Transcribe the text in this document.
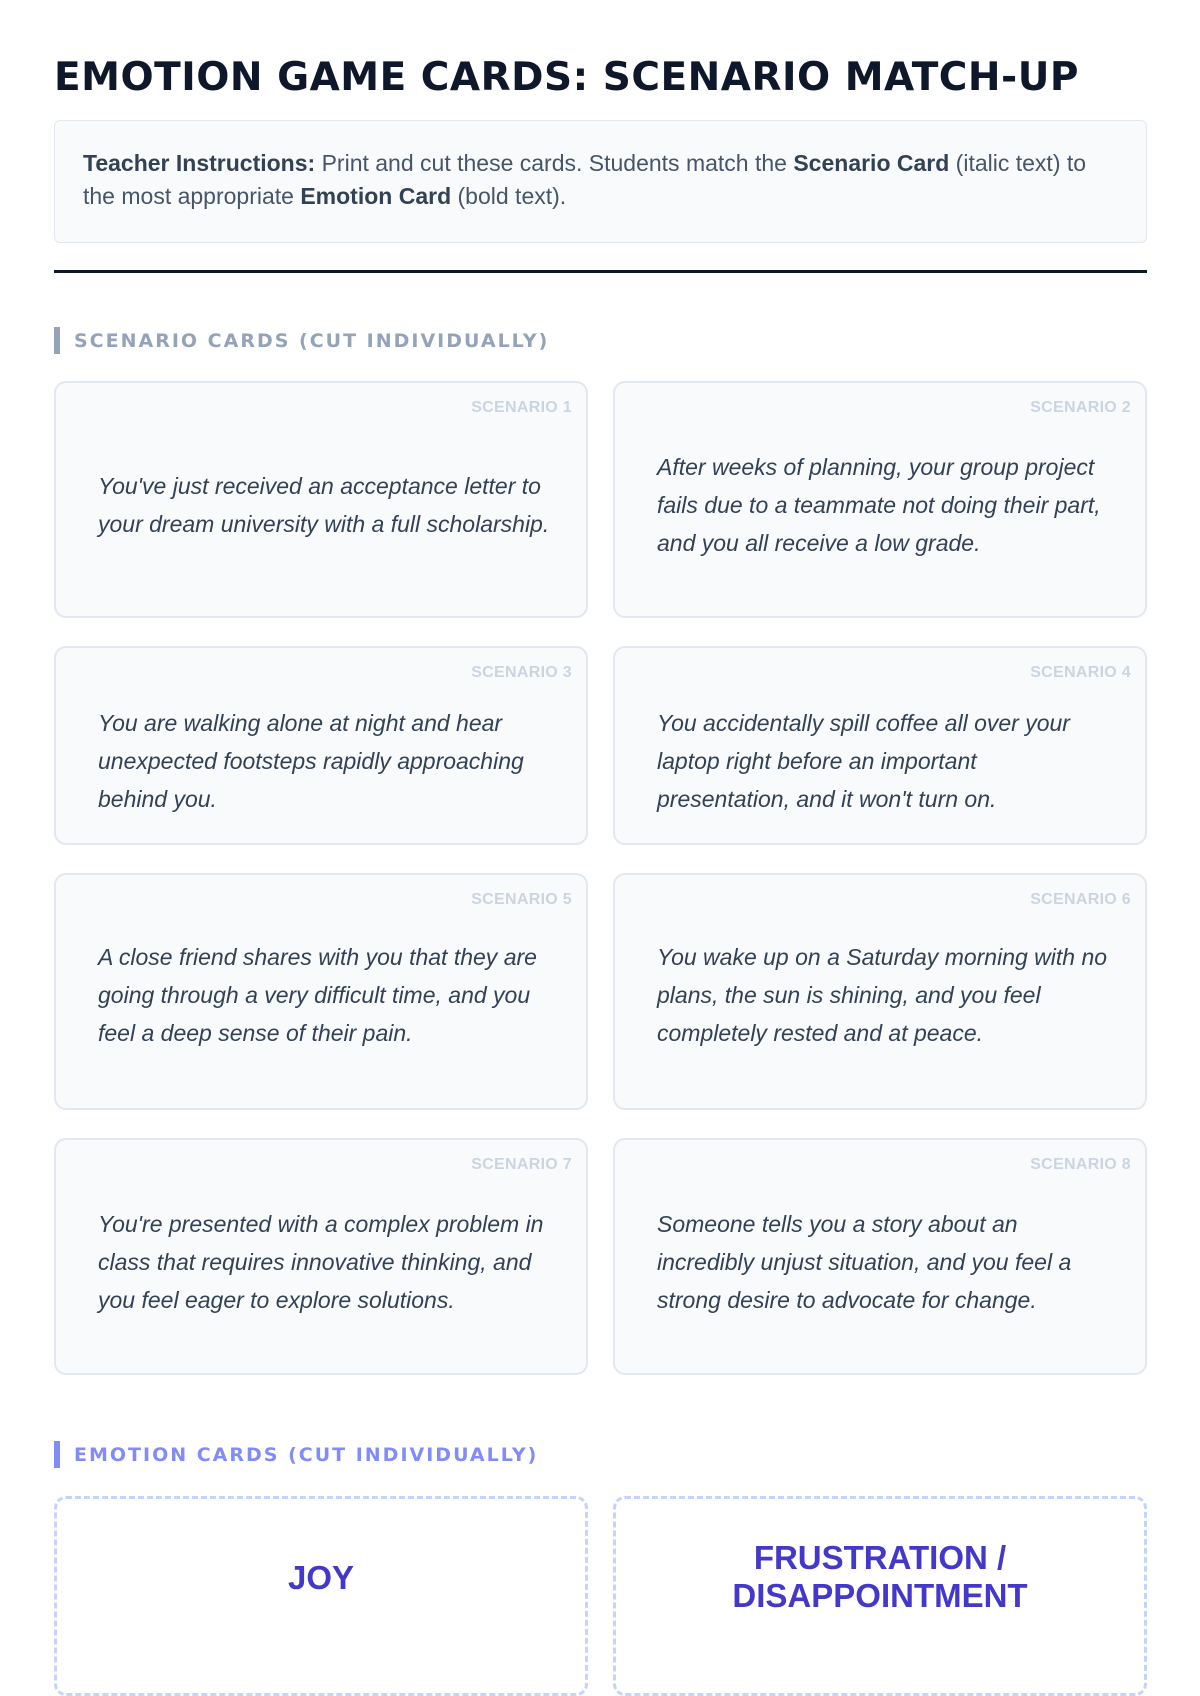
EMOTION GAME CARDS: SCENARIO MATCH-UP
Teacher Instructions: Print and cut these cards. Students match the Scenario Card (italic text) to the most appropriate Emotion Card (bold text).
SCENARIO CARDS (CUT INDIVIDUALLY)
SCENARIO 1
You've just received an acceptance letter to your dream university with a full scholarship.
SCENARIO 2
After weeks of planning, your group project fails due to a teammate not doing their part, and you all receive a low grade.
SCENARIO 3
You are walking alone at night and hear unexpected footsteps rapidly approaching behind you.
SCENARIO 4
You accidentally spill coffee all over your laptop right before an important presentation, and it won't turn on.
SCENARIO 5
A close friend shares with you that they are going through a very difficult time, and you feel a deep sense of their pain.
SCENARIO 6
You wake up on a Saturday morning with no plans, the sun is shining, and you feel completely rested and at peace.
SCENARIO 7
You're presented with a complex problem in class that requires innovative thinking, and you feel eager to explore solutions.
SCENARIO 8
Someone tells you a story about an incredibly unjust situation, and you feel a strong desire to advocate for change.
EMOTION CARDS (CUT INDIVIDUALLY)
JOY
FRUSTRATION / DISAPPOINTMENT
